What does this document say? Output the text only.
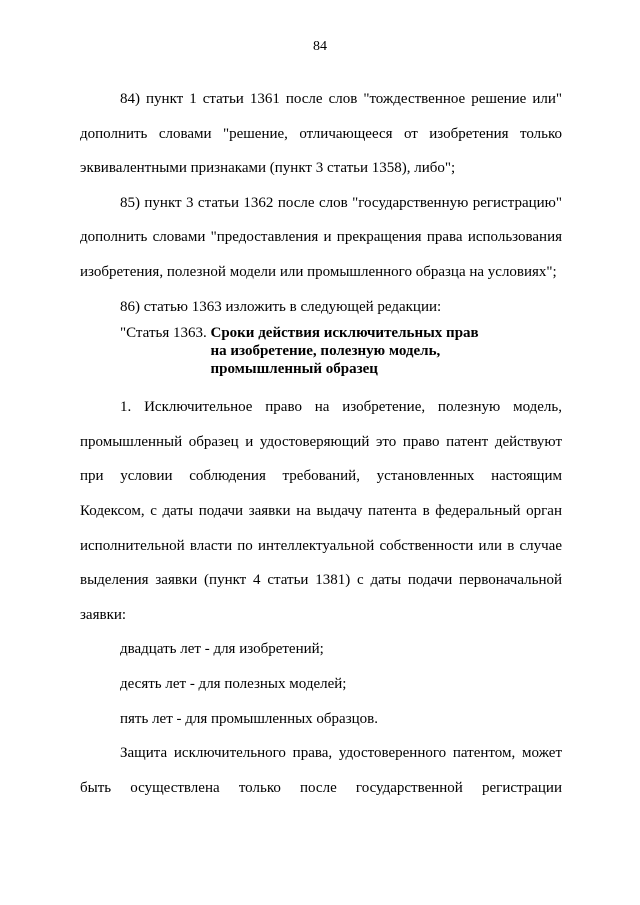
84

84) пункт 1 статьи 1361 после слов "тождественное решение или"

дополнить словами "решение, отличающееся от изобретения только

эквивалентными признаками (пункт 3 статьи 1358), либо";

85) пункт 3 статьи 1362 после слов "государственную регистрацию"

дополнить словами "предоставления и прекращения права использования

изобретения, полезной модели или промышленного образца на условиях";

86) статью 1363 изложить в следующей редакции:

"Статья 1363. Сроки действия исключительных прав
на изобретение, полезную модель,
промышленный образец

1. Исключительное право на изобретение, полезную модель,

промышленный образец и удостоверяющий это право патент действуют

при условии соблюдения требований, установленных настоящим

Кодексом, с даты подачи заявки на выдачу патента в федеральный орган

исполнительной власти по интеллектуальной собственности или в случае

выделения заявки (пункт 4 статьи 1381) с даты подачи первоначальной

заявки:

двадцать лет - для изобретений;

десять лет - для полезных моделей;

пять лет - для промышленных образцов.

Защита исключительного права, удостоверенного патентом, может

быть осуществлена только после государственной регистрации
